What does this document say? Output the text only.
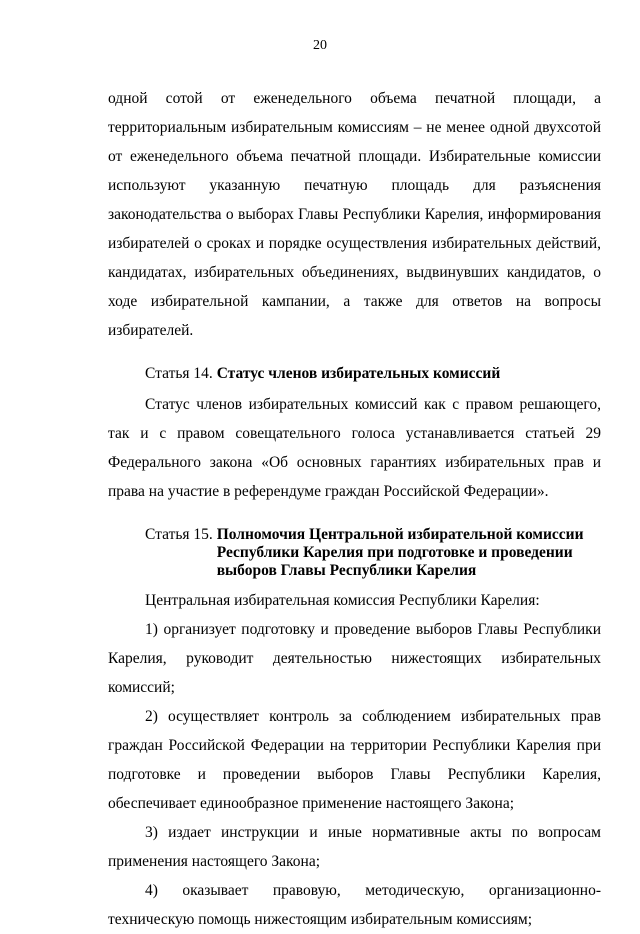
20

одной сотой от еженедельного объема печатной площади, а территориальным избирательным комиссиям – не менее одной двухсотой от еженедельного объема печатной площади. Избирательные комиссии используют указанную печатную площадь для разъяснения законодательства о выборах Главы Республики Карелия, информирования избирателей о сроках и порядке осуществления избирательных действий, кандидатах, избирательных объединениях, выдвинувших кандидатов, о ходе избирательной кампании, а также для ответов на вопросы избирателей.

Статья 14. Статус членов избирательных комиссий

Статус членов избирательных комиссий как с правом решающего, так и с правом совещательного голоса устанавливается статьей 29 Федерального закона «Об основных гарантиях избирательных прав и права на участие в референдуме граждан Российской Федерации».

Статья 15. Полномочия Центральной избирательной комиссии Республики Карелия при подготовке и проведении выборов Главы Республики Карелия

Центральная избирательная комиссия Республики Карелия:

1) организует подготовку и проведение выборов Главы Республики Карелия, руководит деятельностью нижестоящих избирательных комиссий;

2) осуществляет контроль за соблюдением избирательных прав граждан Российской Федерации на территории Республики Карелия при подготовке и проведении выборов Главы Республики Карелия, обеспечивает единообразное применение настоящего Закона;

3) издает инструкции и иные нормативные акты по вопросам применения настоящего Закона;

4) оказывает правовую, методическую, организационно-техническую помощь нижестоящим избирательным комиссиям;
